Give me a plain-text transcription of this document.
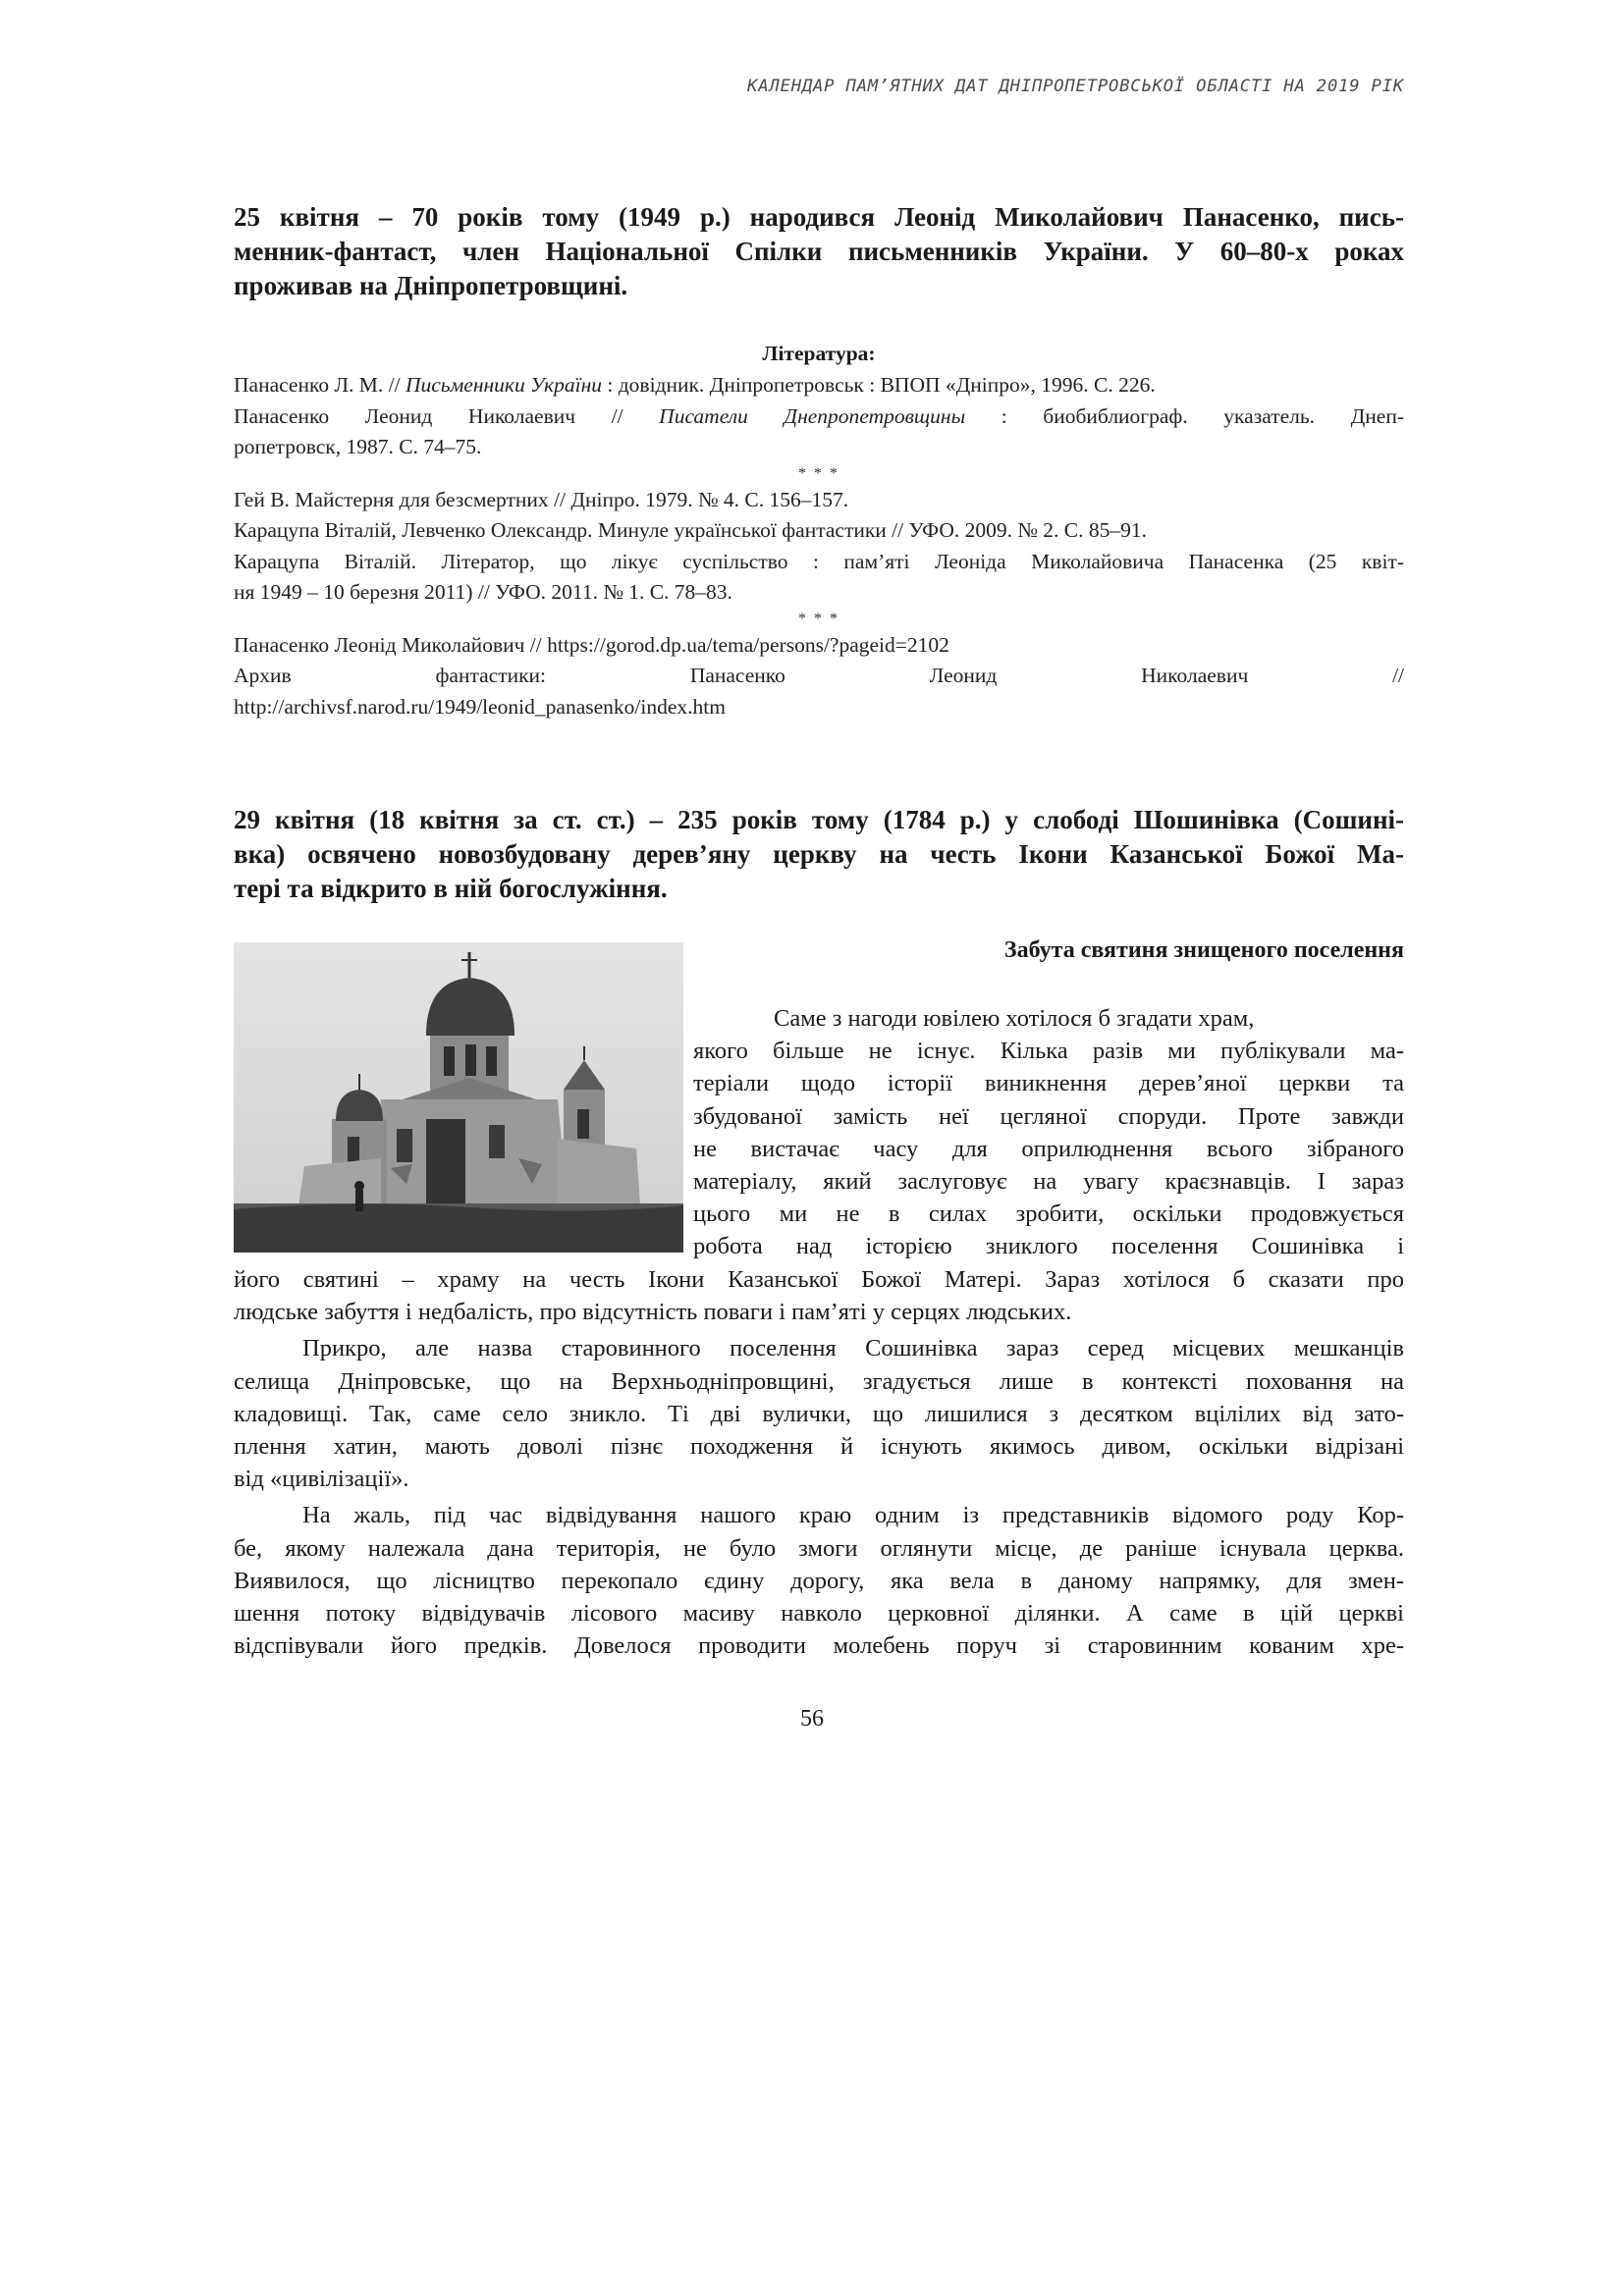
КАЛЕНДАР ПАМ’ЯТНИХ ДАТ ДНІПРОПЕТРОВСЬКОЇ ОБЛАСТІ НА 2019 РІК

25 квітня – 70 років тому (1949 р.) народився Леонід Миколайович Панасенко, пись-
менник-фантаст, член Національної Спілки письменників України. У 60–80-х роках
проживав на Дніпропетровщині.

Література:

Панасенко Л. М. // Письменники України : довідник. Дніпропетровськ : ВПОП «Дніпро», 1996. С. 226.
Панасенко Леонид Николаевич // Писатели Днепропетровщины : биобиблиограф. указатель. Днеп-
ропетровск, 1987. С. 74–75.
* * *
Гей В. Майстерня для безсмертних // Дніпро. 1979. № 4. С. 156–157.
Карацупа Віталій, Левченко Олександр. Минуле української фантастики // УФО. 2009. № 2. С. 85–91.
Карацупа Віталій. Літератор, що лікує суспільство : пам’яті Леоніда Миколайовича Панасенка (25 квіт-
ня 1949 – 10 березня 2011) // УФО. 2011. № 1. С. 78–83.
* * *
Панасенко Леонід Миколайович // https://gorod.dp.ua/tema/persons/?pageid=2102
Архив	фантастики:	Панасенко	Леонид	Николаевич	//
http://archivsf.narod.ru/1949/leonid_panasenko/index.htm

29 квітня (18 квітня за ст. ст.) – 235 років тому (1784 р.) у слободі Шошинівка (Сошині-
вка) освячено новозбудовану дерев’яну церкву на честь Ікони Казанської Божої Ма-
тері та відкрито в ній богослужіння.

Забута святиня знищеного поселення

Саме з нагоди ювілею хотілося б згадати храм,
якого більше не існує. Кілька разів ми публікували ма-
теріали щодо історії виникнення дерев’яної церкви та
збудованої замість неї цегляної споруди. Проте завжди
не вистачає часу для оприлюднення всього зібраного
матеріалу, який заслуговує на увагу краєзнавців. І зараз
цього ми не в силах зробити, оскільки продовжується
робота над історією зниклого поселення Сошинівка і

його святині – храму на честь Ікони Казанської Божої Матері. Зараз хотілося б сказати про
людське забуття і недбалість, про відсутність поваги і пам’яті у серцях людських.

Прикро, але назва старовинного поселення Сошинівка зараз серед місцевих мешканців
селища Дніпровське, що на Верхньодніпровщині, згадується лише в контексті поховання на
кладовищі. Так, саме село зникло. Ті дві вулички, що лишилися з десятком вцілілих від зато-
плення хатин, мають доволі пізнє походження й існують якимось дивом, оскільки відрізані
від «цивілізації».

На жаль, під час відвідування нашого краю одним із представників відомого роду Кор-
бе, якому належала дана територія, не було змоги оглянути місце, де раніше існувала церква.
Виявилося, що лісництво перекопало єдину дорогу, яка вела в даному напрямку, для змен-
шення потоку відвідувачів лісового масиву навколо церковної ділянки. А саме в цій церкві
відспівували його предків. Довелося проводити молебень поруч зі старовинним кованим хре-

56
